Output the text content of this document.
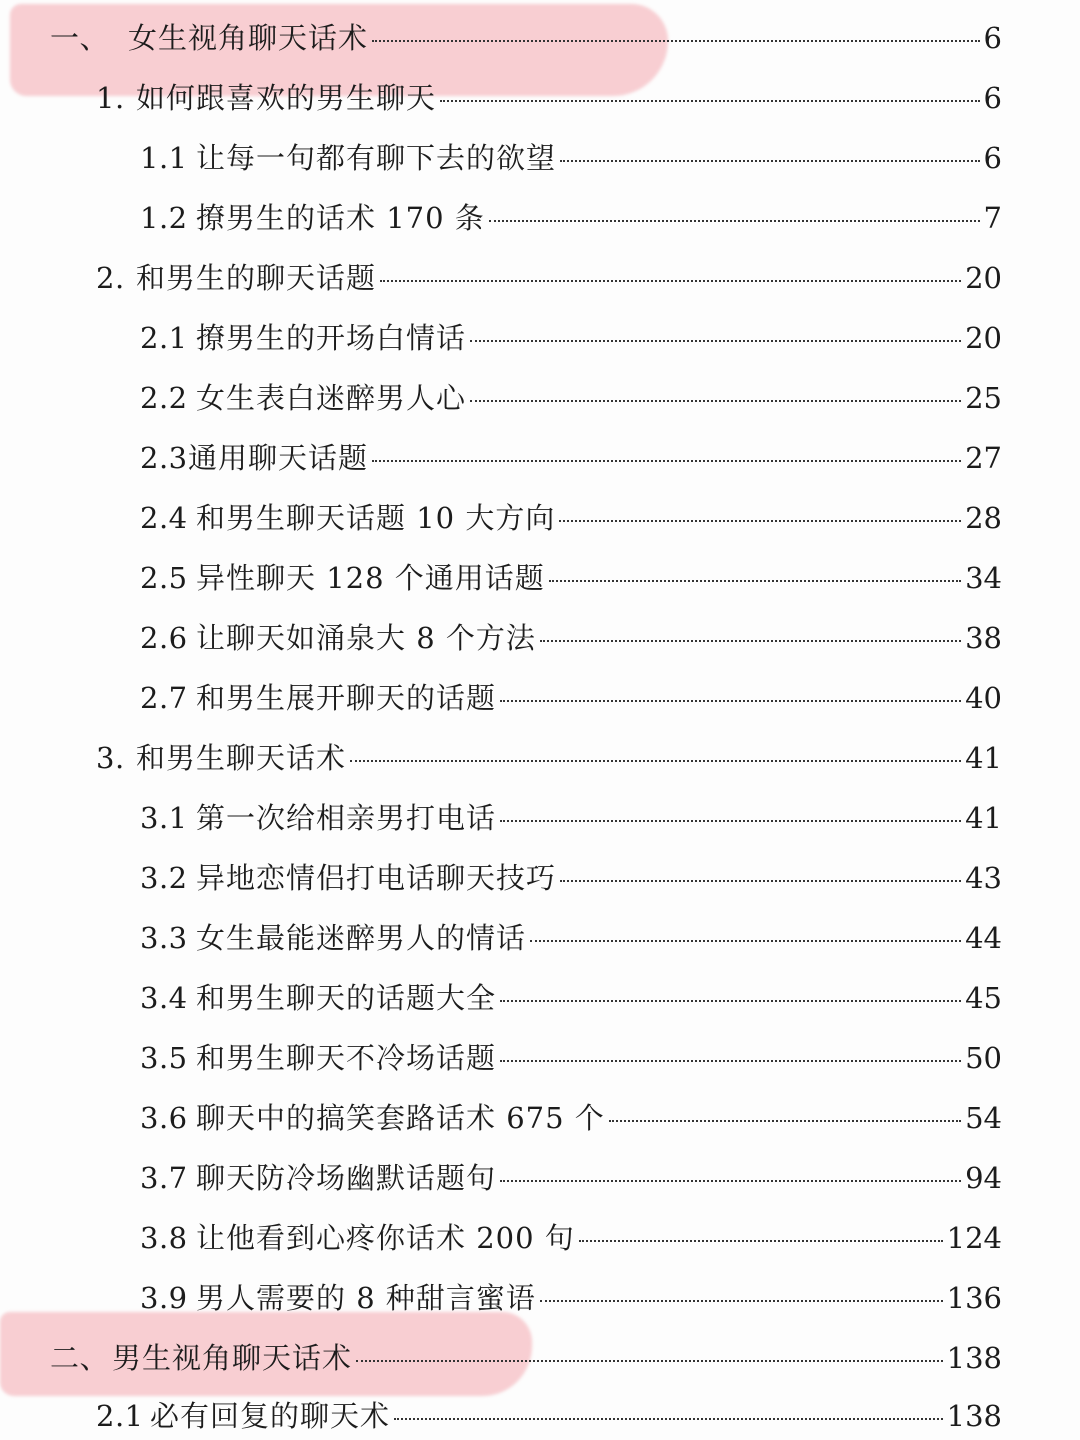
一、 女生视角聊天话术	6
1. 如何跟喜欢的男生聊天	6
1.1 让每一句都有聊下去的欲望	6
1.2 撩男生的话术 170 条	7
2. 和男生的聊天话题	20
2.1 撩男生的开场白情话	20
2.2 女生表白迷醉男人心	25
2.3 通用聊天话题	27
2.4 和男生聊天话题 10 大方向	28
2.5 异性聊天 128 个通用话题	34
2.6 让聊天如涌泉大 8 个方法	38
2.7 和男生展开聊天的话题	40
3. 和男生聊天话术	41
3.1 第一次给相亲男打电话	41
3.2 异地恋情侣打电话聊天技巧	43
3.3 女生最能迷醉男人的情话	44
3.4 和男生聊天的话题大全	45
3.5 和男生聊天不冷场话题	50
3.6 聊天中的搞笑套路话术 675 个	54
3.7 聊天防冷场幽默话题句	94
3.8 让他看到心疼你话术 200 句	124
3.9 男人需要的 8 种甜言蜜语	136
二、 男生视角聊天话术	138
2.1 必有回复的聊天术	138
